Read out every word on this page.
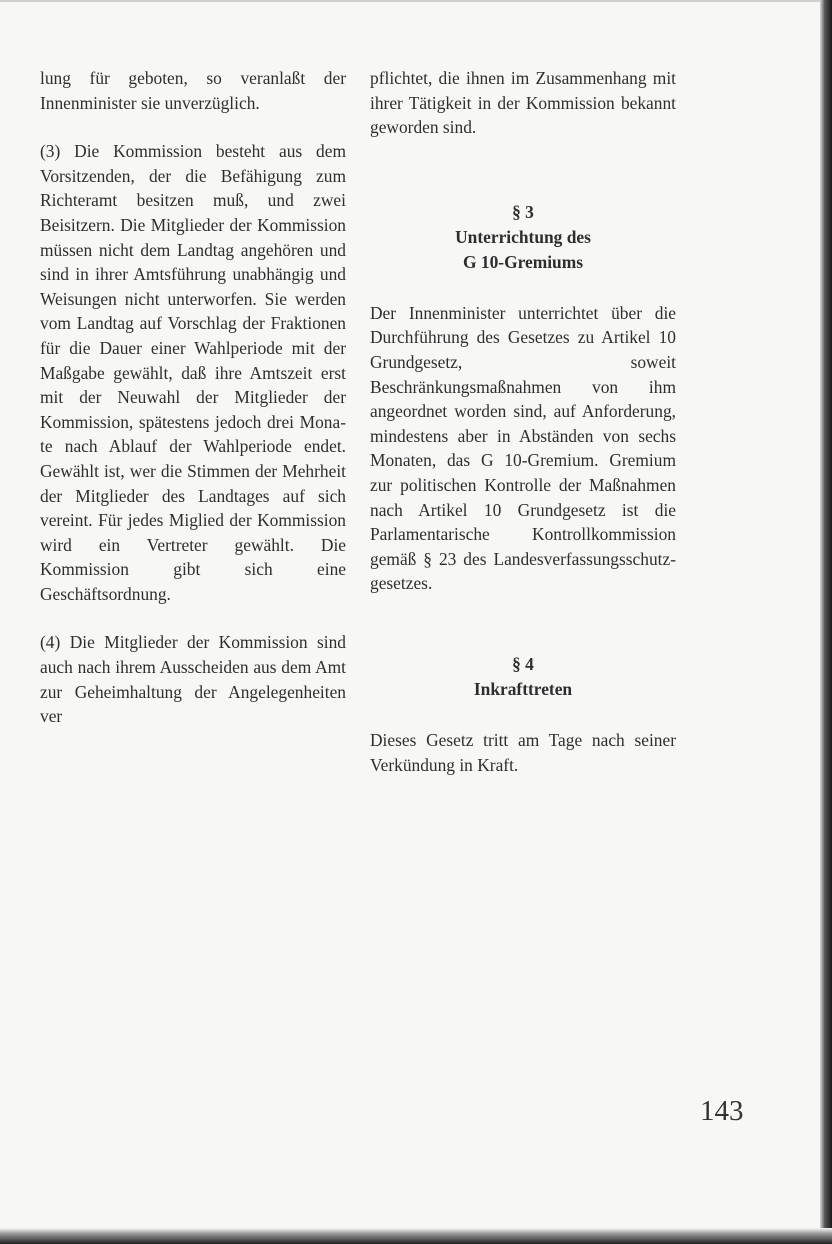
lung für geboten, so veranlaßt der Innenminister sie unverzüglich.

(3) Die Kommission besteht aus dem Vorsitzenden, der die Befähigung zum Richteramt besitzen muß, und zwei Beisitzern. Die Mitglieder der Kommission müssen nicht dem Landtag angehören und sind in ihrer Amtsführung unabhängig und Weisungen nicht unterworfen. Sie werden vom Landtag auf Vorschlag der Fraktionen für die Dauer einer Wahlperiode mit der Maßgabe gewählt, daß ihre Amtszeit erst mit der Neuwahl der Mitglieder der Kommission, spätestens jedoch drei Monate nach Ablauf der Wahlperiode endet. Gewählt ist, wer die Stimmen der Mehrheit der Mitglieder des Landtages auf sich vereint. Für jedes Miglied der Kommission wird ein Vertreter gewählt. Die Kommission gibt sich eine Geschäftsordnung.

(4) Die Mitglieder der Kommission sind auch nach ihrem Ausscheiden aus dem Amt zur Geheimhaltung der Angelegenheiten ver

pflichtet, die ihnen im Zusammenhang mit ihrer Tätigkeit in der Kommission bekannt geworden sind.

§ 3

Unterrichtung des

G 10-Gremiums

Der Innenminister unterrichtet über die Durchführung des Gesetzes zu Artikel 10 Grundgesetz, soweit Beschränkungsmaßnahmen von ihm angeordnet worden sind, auf Anforderung, mindestens aber in Abständen von sechs Monaten, das G 10-Gremium. Gremium zur politischen Kontrolle der Maßnahmen nach Artikel 10 Grundgesetz ist die Parlamentarische Kontrollkommission gemäß § 23 des Landesverfassungsschutzgesetzes.

§ 4

Inkrafttreten

Dieses Gesetz tritt am Tage nach seiner Verkündung in Kraft.

143
